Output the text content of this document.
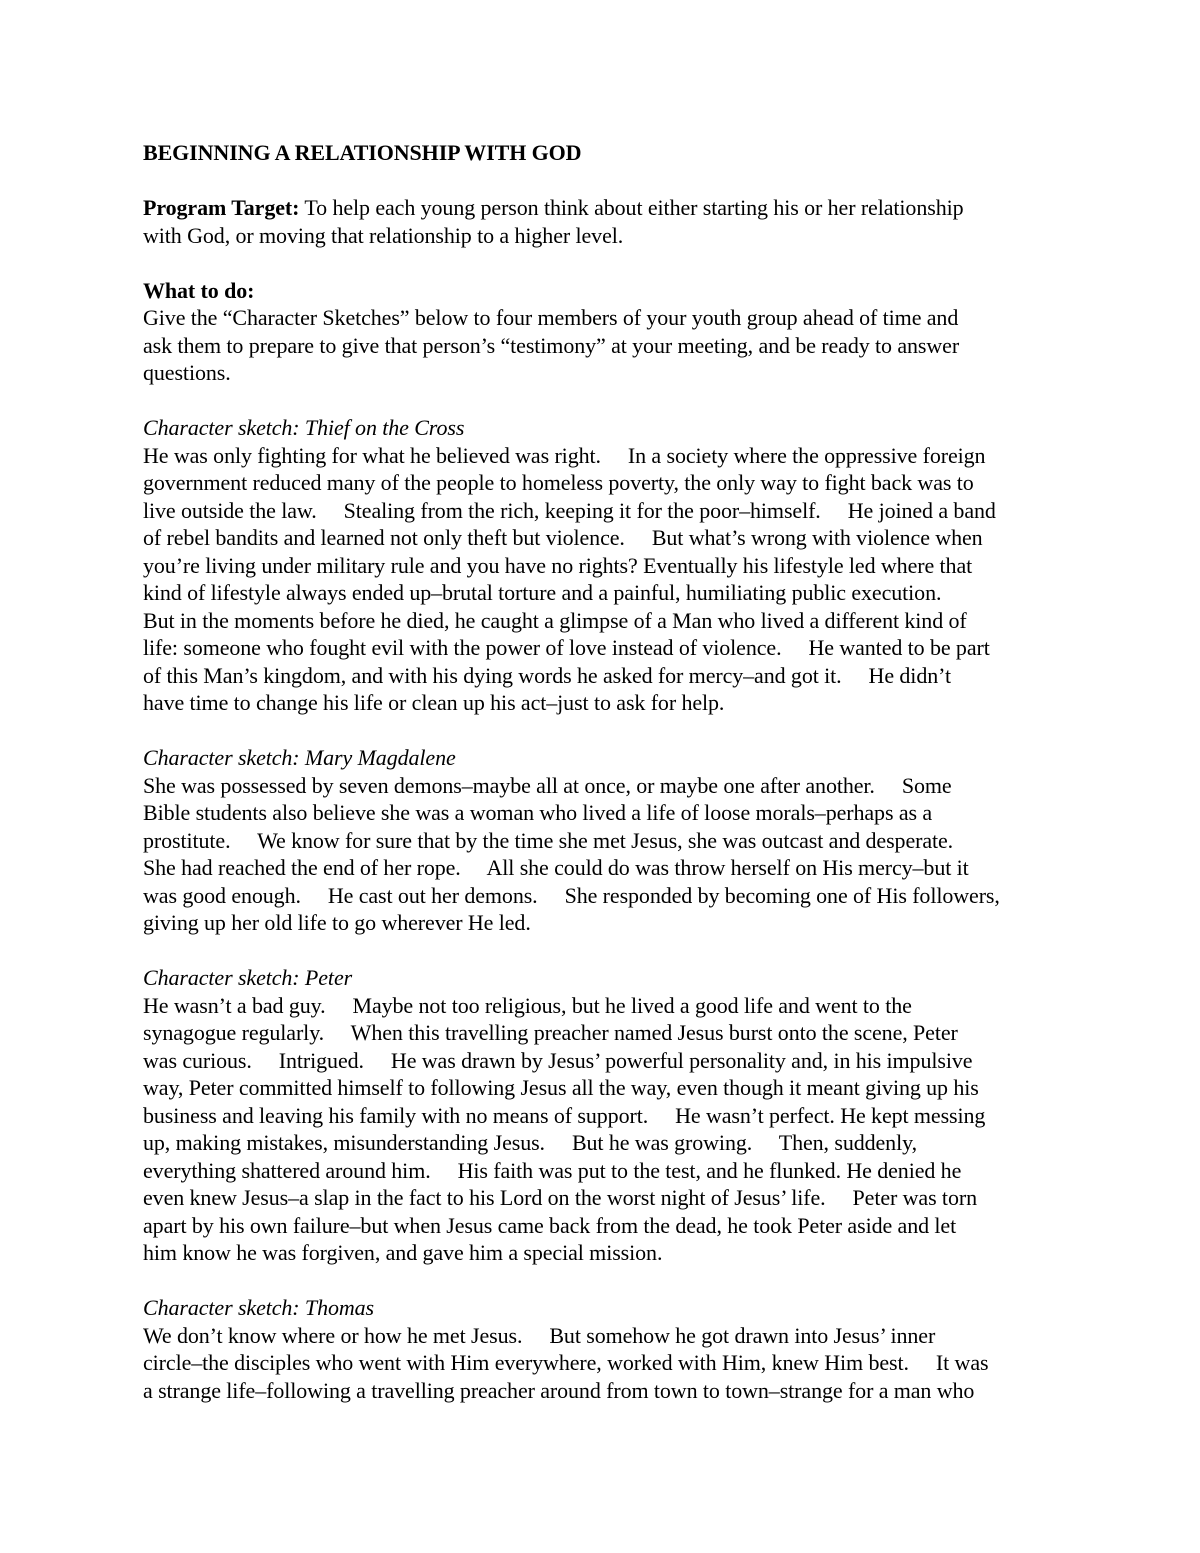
BEGINNING A RELATIONSHIP WITH GOD
Program Target: To help each young person think about either starting his or her relationship
with God, or moving that relationship to a higher level.
What to do:
Give the “Character Sketches” below to four members of your youth group ahead of time and
ask them to prepare to give that person’s “testimony” at your meeting, and be ready to answer
questions.
Character sketch: Thief on the Cross
He was only fighting for what he believed was right.     In a society where the oppressive foreign
government reduced many of the people to homeless poverty, the only way to fight back was to
live outside the law.     Stealing from the rich, keeping it for the poor–himself.     He joined a band
of rebel bandits and learned not only theft but violence.     But what’s wrong with violence when
you’re living under military rule and you have no rights? Eventually his lifestyle led where that
kind of lifestyle always ended up–brutal torture and a painful, humiliating public execution.
But in the moments before he died, he caught a glimpse of a Man who lived a different kind of
life: someone who fought evil with the power of love instead of violence.     He wanted to be part
of this Man’s kingdom, and with his dying words he asked for mercy–and got it.     He didn’t
have time to change his life or clean up his act–just to ask for help.
Character sketch: Mary Magdalene
She was possessed by seven demons–maybe all at once, or maybe one after another.     Some
Bible students also believe she was a woman who lived a life of loose morals–perhaps as a
prostitute.     We know for sure that by the time she met Jesus, she was outcast and desperate.
She had reached the end of her rope.     All she could do was throw herself on His mercy–but it
was good enough.     He cast out her demons.     She responded by becoming one of His followers,
giving up her old life to go wherever He led.
Character sketch: Peter
He wasn’t a bad guy.     Maybe not too religious, but he lived a good life and went to the
synagogue regularly.     When this travelling preacher named Jesus burst onto the scene, Peter
was curious.     Intrigued.     He was drawn by Jesus’ powerful personality and, in his impulsive
way, Peter committed himself to following Jesus all the way, even though it meant giving up his
business and leaving his family with no means of support.     He wasn’t perfect. He kept messing
up, making mistakes, misunderstanding Jesus.     But he was growing.     Then, suddenly,
everything shattered around him.     His faith was put to the test, and he flunked. He denied he
even knew Jesus–a slap in the fact to his Lord on the worst night of Jesus’ life.     Peter was torn
apart by his own failure–but when Jesus came back from the dead, he took Peter aside and let
him know he was forgiven, and gave him a special mission.
Character sketch: Thomas
We don’t know where or how he met Jesus.     But somehow he got drawn into Jesus’ inner
circle–the disciples who went with Him everywhere, worked with Him, knew Him best.     It was
a strange life–following a travelling preacher around from town to town–strange for a man who
